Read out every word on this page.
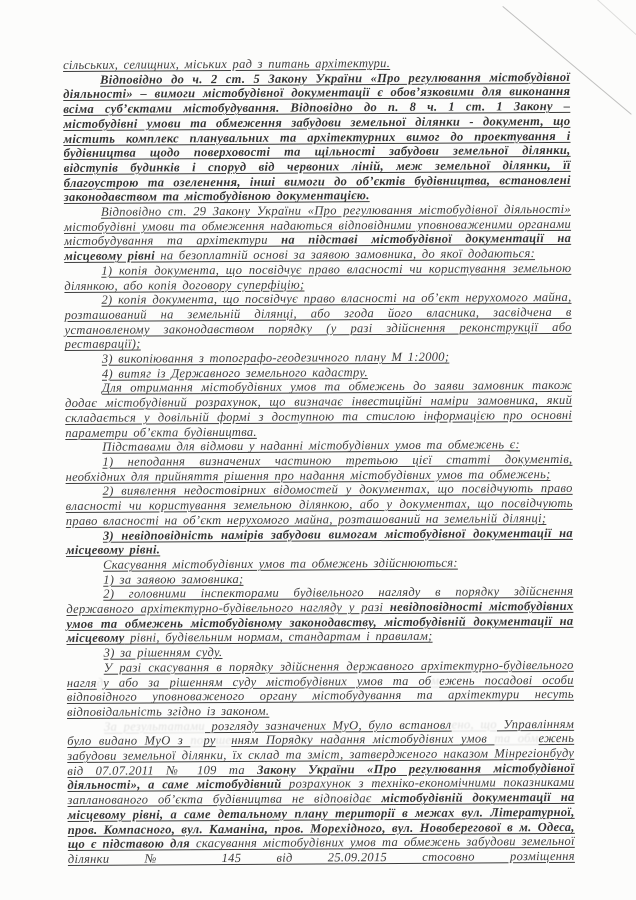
сільських, селищних, міських рад з питань архітектури.

Відповідно до ч. 2 ст. 5 Закону України «Про регулювання містобудівної діяльності» – вимоги містобудівної документації є обов’язковими для виконання всіма суб’єктами містобудування. Відповідно до п. 8 ч. 1 ст. 1 Закону – містобудівні умови та обмеження забудови земельної ділянки - документ, що містить комплекс планувальних та архітектурних вимог до проектування і будівництва щодо поверховості та щільності забудови земельної ділянки, відступів будинків і споруд від червоних ліній, меж земельної ділянки, її благоустрою та озеленення, інші вимоги до об’єктів будівництва, встановлені законодавством та містобудівною документацією.

Відповідно ст. 29 Закону України «Про регулювання містобудівної діяльності» містобудівні умови та обмеження надаються відповідними уповноваженими органами містобудування та архітектури на підставі містобудівної документації на місцевому рівні на безоплатній основі за заявою замовника, до якої додаються:

1) копія документа, що посвідчує право власності чи користування земельною ділянкою, або копія договору суперфіцію;

2) копія документа, що посвідчує право власності на об’єкт нерухомого майна, розташований на земельній ділянці, або згода його власника, засвідчена в установленому законодавством порядку (у разі здійснення реконструкції або реставрації);

3) викопіювання з топографо-геодезичного плану М 1:2000;

4) витяг із Державного земельного кадастру.

Для отримання містобудівних умов та обмежень до заяви замовник також додає містобудівний розрахунок, що визначає інвестиційні наміри замовника, який складається у довільній формі з доступною та стислою інформацією про основні параметри об’єкта будівництва.

Підставами для відмови у наданні містобудівних умов та обмежень є:

1) неподання визначених частиною третьою цієї статті документів, необхідних для прийняття рішення про надання містобудівних умов та обмежень;

2) виявлення недостовірних відомостей у документах, що посвідчують право власності чи користування земельною ділянкою, або у документах, що посвідчують право власності на об’єкт нерухомого майна, розташований на земельній ділянці;

3) невідповідність намірів забудови вимогам містобудівної документації на місцевому рівні.

Скасування містобудівних умов та обмежень здійснюються:

1) за заявою замовника;

2) головними інспекторами будівельного нагляду в порядку здійснення державного архітектурно-будівельного нагляду у разі невідповідності містобудівних умов та обмежень містобудівному законодавству, містобудівній документації на місцевому рівні, будівельним нормам, стандартам і правилам;

3) за рішенням суду.

У разі скасування в порядку здійснення державного архітектурно-будівельного нагляду або за рішенням суду містобудівних умов та обмежень посадові особи відповідного уповноваженого органу містобудування та архітектури несуть відповідальність згідно із законом.

За результатами розгляду зазначених МуО, було встановлено, що Управлінням було видано МуО з порушенням Порядку надання містобудівних умов та обмежень забудови земельної ділянки, їх склад та зміст, затвердженого наказом Мінрегіонбуду від 07.07.2011 № 109 та Закону України «Про регулювання містобудівної діяльності», а саме містобудівний розрахунок з техніко-економічними показниками запланованого об’єкта будівництва не відповідає містобудівній документації на місцевому рівні, а саме детальному плану території в межах вул. Літературної, пров. Компасного, вул. Каманіна, пров. Морехідного, вул. Новоберегової в м. Одеса, що є підставою для скасування містобудівних умов та обмежень забудови земельної ділянки № 145 від 25.09.2015 стосовно розміщення
